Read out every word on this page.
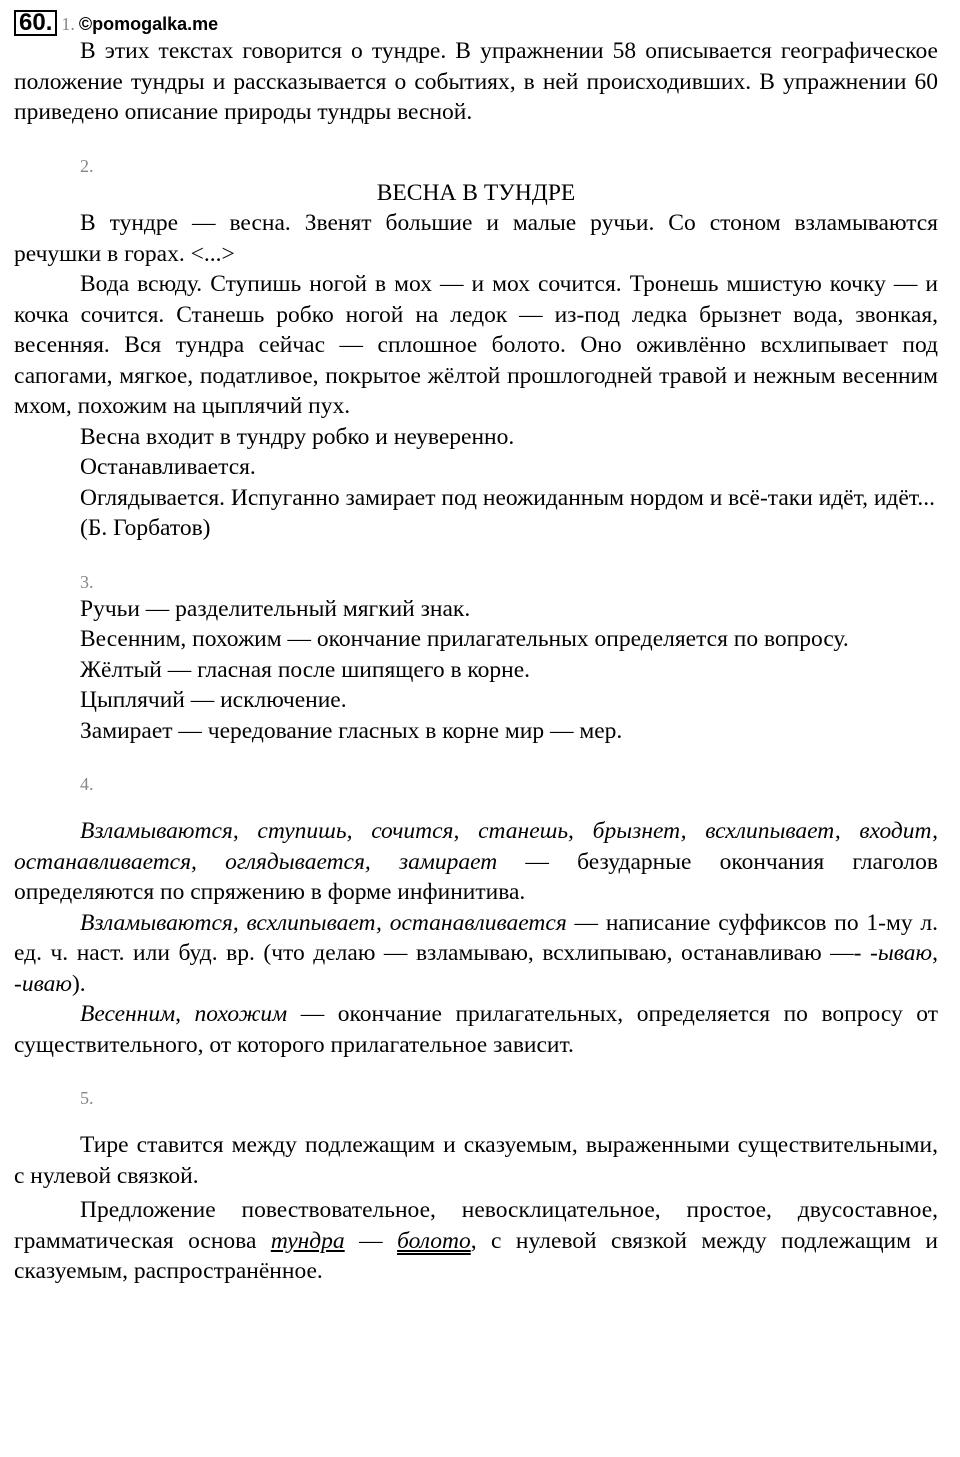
60. 1. ©pomogalka.me

В этих текстах говорится о тундре. В упражнении 58 описывается географическое положение тундры и рассказывается о событиях, в ней происходивших. В упражнении 60 приведено описание природы тундры весной.

2.

ВЕСНА В ТУНДРЕ

В тундре — весна. Звенят большие и малые ручьи. Со стоном взламываются речушки в горах. <...>

Вода всюду. Ступишь ногой в мох — и мох сочится. Тронешь мшистую кочку — и кочка сочится. Станешь робко ногой на ледок — из-под ледка брызнет вода, звонкая, весенняя. Вся тундра сейчас — сплошное болото. Оно оживлённо всхлипывает под сапогами, мягкое, податливое, покрытое жёлтой прошлогодней травой и нежным весенним мхом, похожим на цыплячий пух.

Весна входит в тундру робко и неуверенно.

Останавливается.

Оглядывается. Испуганно замирает под неожиданным нордом и всё-таки идёт, идёт...

(Б. Горбатов)

3.

Ручьи — разделительный мягкий знак.

Весенним, похожим — окончание прилагательных определяется по вопросу.

Жёлтый — гласная после шипящего в корне.

Цыплячий — исключение.

Замирает — чередование гласных в корне мир — мер.

4.

Взламываются, ступишь, сочится, станешь, брызнет, всхлипывает, входит, останавливается, оглядывается, замирает — безударные окончания глаголов определяются по спряжению в форме инфинитива.

Взламываются, всхлипывает, останавливается — написание суффиксов по 1-му л. ед. ч. наст. или буд. вр. (что делаю — взламываю, всхлипываю, останавливаю —- -ываю, -иваю).

Весенним, похожим — окончание прилагательных, определяется по вопросу от существительного, от которого прилагательное зависит.

5.

Тире ставится между подлежащим и сказуемым, выраженными существительными, с нулевой связкой.

Предложение повествовательное, невосклицательное, простое, двусоставное, грамматическая основа тундра — болото, с нулевой связкой между подлежащим и сказуемым, распространённое.
